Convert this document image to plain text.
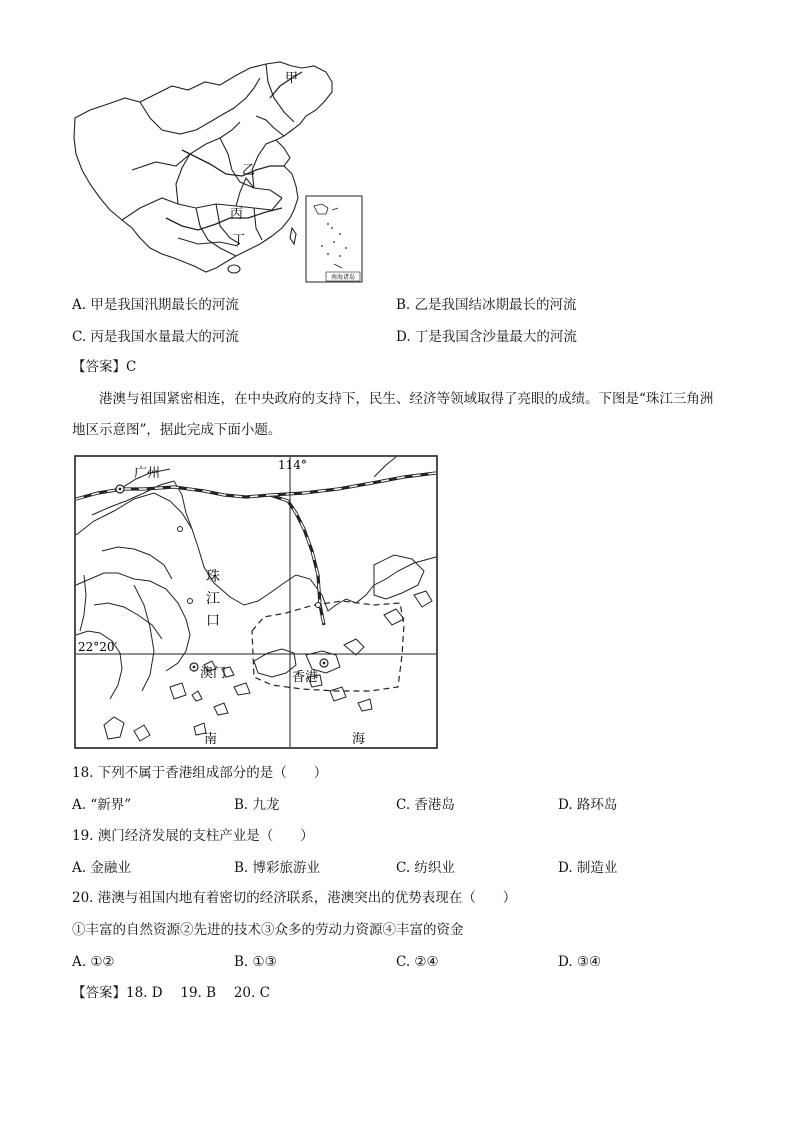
甲
乙
丙
丁
南海诸岛
A. 甲是我国汛期最长的河流	B. 乙是我国结冰期最长的河流
C. 丙是我国水量最大的河流	D. 丁是我国含沙量最大的河流
【答案】C
港澳与祖国紧密相连，在中央政府的支持下，民生、经济等领域取得了亮眼的成绩。下图是“珠江三角洲地区示意图”，据此完成下面小题。
广州
114°
珠
江
口
22°20′
澳门	香港
南	海
18. 下列不属于香港组成部分的是（　　）
A. “新界”	B. 九龙	C. 香港岛	D. 路环岛
19. 澳门经济发展的支柱产业是（　　）
A. 金融业	B. 博彩旅游业	C. 纺织业	D. 制造业
20. 港澳与祖国内地有着密切的经济联系，港澳突出的优势表现在（　　）
①丰富的自然资源②先进的技术③众多的劳动力资源④丰富的资金
A. ①②	B. ①③	C. ②④	D. ③④
【答案】18. D　 19. B　 20. C
